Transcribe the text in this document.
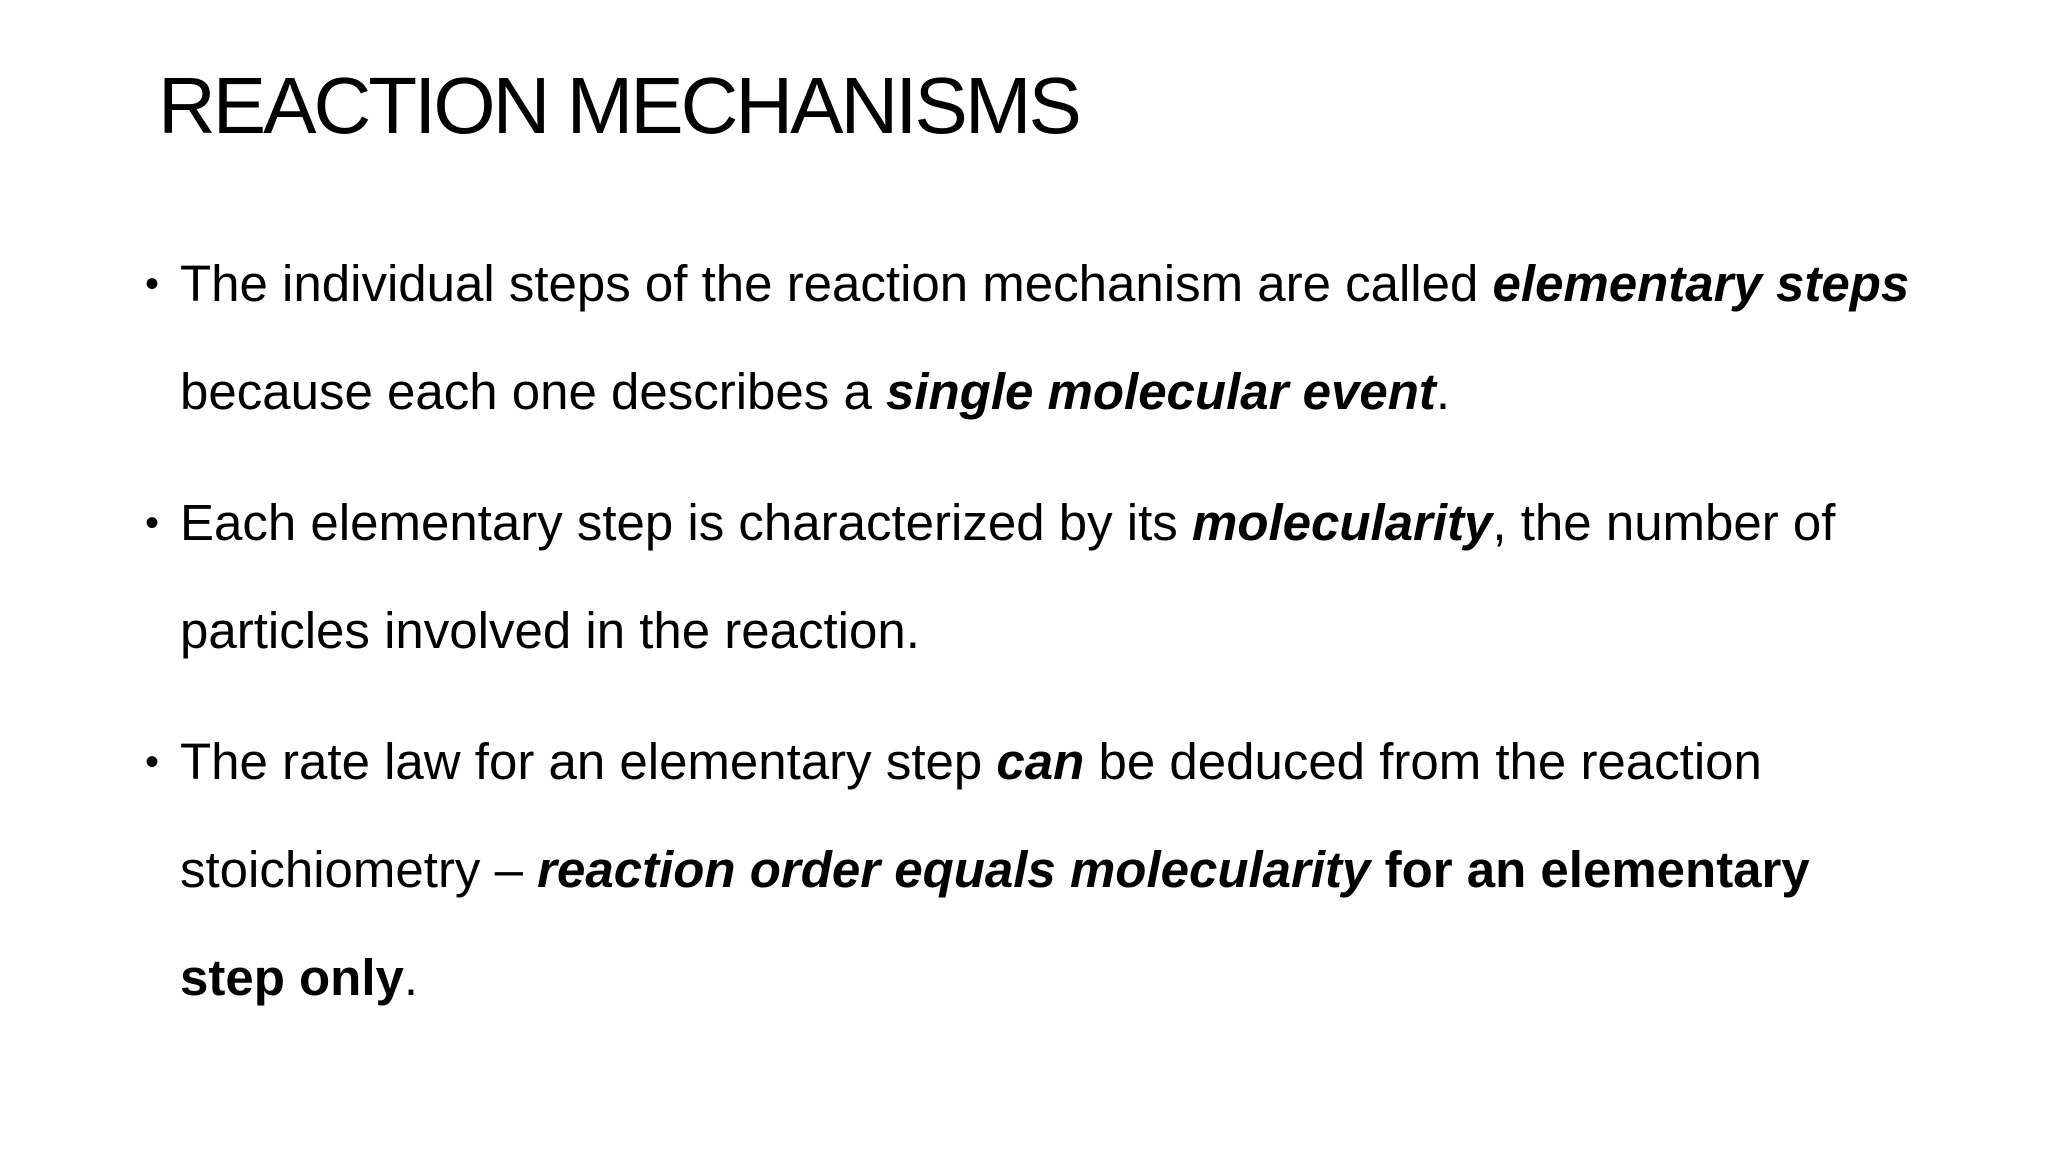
REACTION MECHANISMS
• The individual steps of the reaction mechanism are called elementary steps because each one describes a single molecular event.
• Each elementary step is characterized by its molecularity, the number of particles involved in the reaction.
• The rate law for an elementary step can be deduced from the reaction stoichiometry – reaction order equals molecularity for an elementary step only.
